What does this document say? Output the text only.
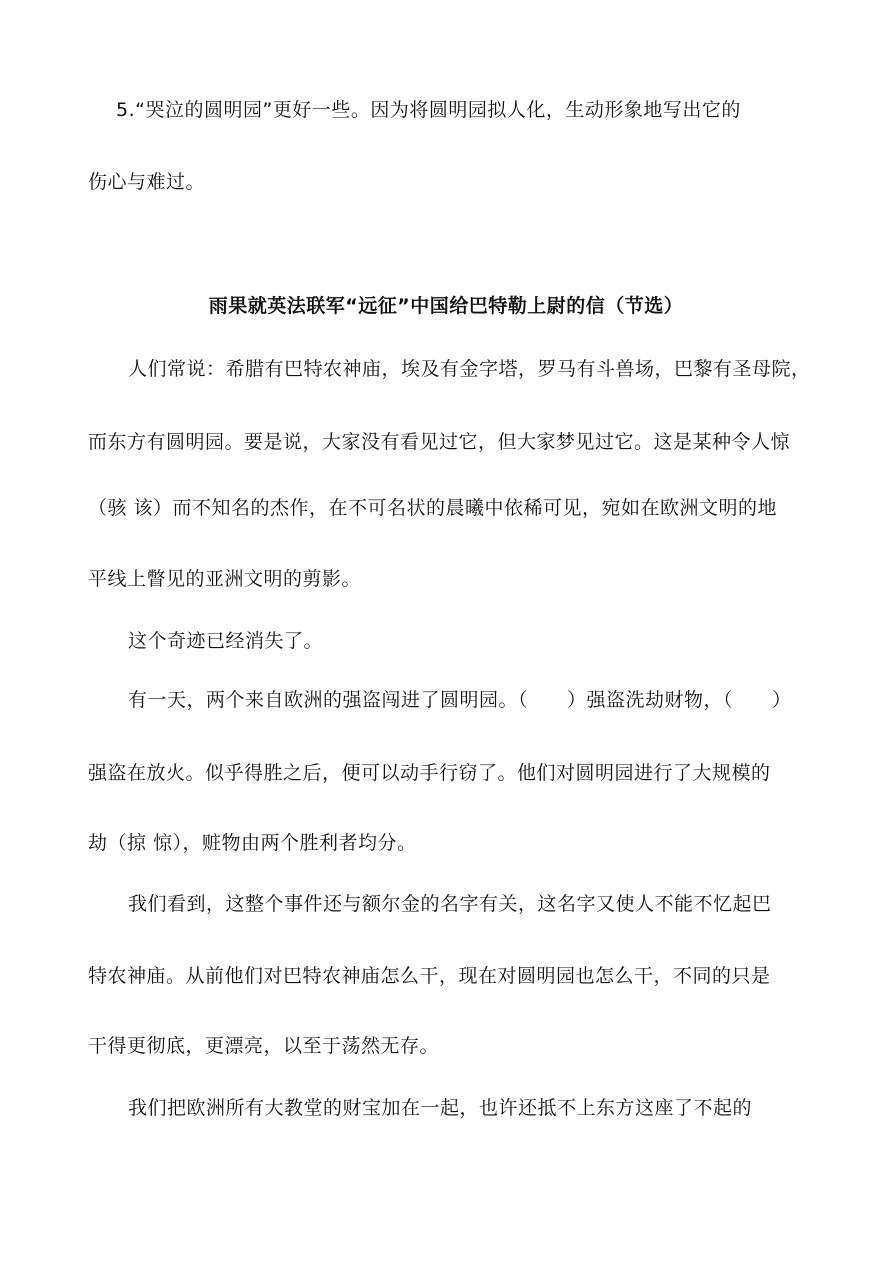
5.“哭泣的圆明园”更好一些。因为将圆明园拟人化，生动形象地写出它的
伤心与难过。
雨果就英法联军“远征”中国给巴特勒上尉的信（节选）
人们常说：希腊有巴特农神庙，埃及有金字塔，罗马有斗兽场，巴黎有圣母院，
而东方有圆明园。要是说，大家没有看见过它，但大家梦见过它。这是某种令人惊
（骇 该）而不知名的杰作，在不可名状的晨曦中依稀可见，宛如在欧洲文明的地
平线上瞥见的亚洲文明的剪影。
这个奇迹已经消失了。
有一天，两个来自欧洲的强盗闯进了圆明园。（　　）强盗洗劫财物，（　　）
强盗在放火。似乎得胜之后，便可以动手行窃了。他们对圆明园进行了大规模的
劫（掠 惊），赃物由两个胜利者均分。
我们看到，这整个事件还与额尔金的名字有关，这名字又使人不能不忆起巴
特农神庙。从前他们对巴特农神庙怎么干，现在对圆明园也怎么干，不同的只是
干得更彻底，更漂亮，以至于荡然无存。
我们把欧洲所有大教堂的财宝加在一起，也许还抵不上东方这座了不起的
